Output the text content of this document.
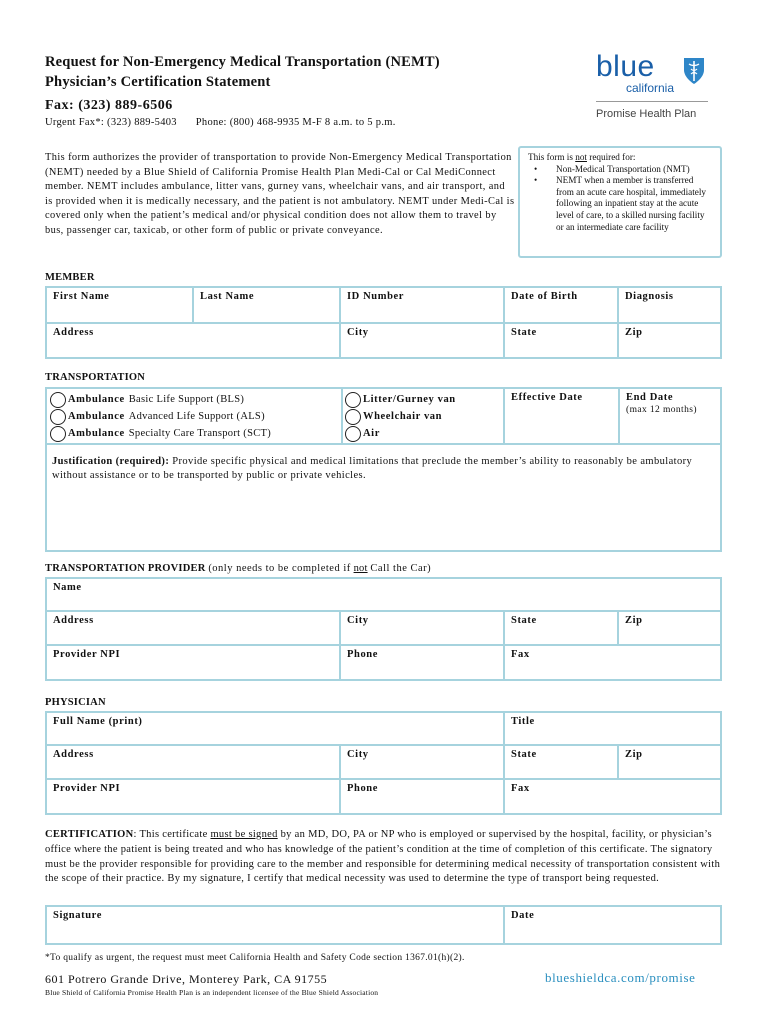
Request for Non-Emergency Medical Transportation (NEMT)
Physician’s Certification Statement
Fax: (323) 889-6506
Urgent Fax*: (323) 889-5403 Phone: (800) 468-9935 M-F 8 a.m. to 5 p.m.
blue
california
Promise Health Plan
This form authorizes the provider of transportation to provide Non-Emergency Medical Transportation (NEMT) needed by a Blue Shield of California Promise Health Plan Medi-Cal or Cal MediConnect member. NEMT includes ambulance, litter vans, gurney vans, wheelchair vans, and air transport, and is provided when it is medically necessary, and the patient is not ambulatory. NEMT under Medi-Cal is covered only when the patient’s medical and/or physical condition does not allow them to travel by bus, passenger car, taxicab, or other form of public or private conveyance.
This form is not required for:
• Non-Medical Transportation (NMT)
• NEMT when a member is transferred from an acute care hospital, immediately following an inpatient stay at the acute level of care, to a skilled nursing facility or an intermediate care facility
MEMBER
First Name	Last Name	ID Number	Date of Birth	Diagnosis
Address		City	State	Zip
TRANSPORTATION
Ambulance Basic Life Support (BLS)
Ambulance Advanced Life Support (ALS)
Ambulance Specialty Care Transport (SCT)
Litter/Gurney van
Wheelchair van
Air
Effective Date	End Date
(max 12 months)
Justification (required): Provide specific physical and medical limitations that preclude the member’s ability to reasonably be ambulatory without assistance or to be transported by public or private vehicles.
TRANSPORTATION PROVIDER (only needs to be completed if not Call the Car)
Name			
Address	City	State	Zip
Provider NPI	Phone	Fax	
PHYSICIAN
Full Name (print)		Title	
Address	City	State	Zip
Provider NPI	Phone	Fax	
CERTIFICATION: This certificate must be signed by an MD, DO, PA or NP who is employed or supervised by the hospital, facility, or physician’s office where the patient is being treated and who has knowledge of the patient’s condition at the time of completion of this certificate. The signatory must be the provider responsible for providing care to the member and responsible for determining medical necessity of transportation consistent with the scope of their practice. By my signature, I certify that medical necessity was used to determine the type of transport being requested.
Signature	Date
*To qualify as urgent, the request must meet California Health and Safety Code section 1367.01(h)(2).
601 Potrero Grande Drive, Monterey Park, CA 91755	blueshieldca.com/promise
Blue Shield of California Promise Health Plan is an independent licensee of the Blue Shield Association
